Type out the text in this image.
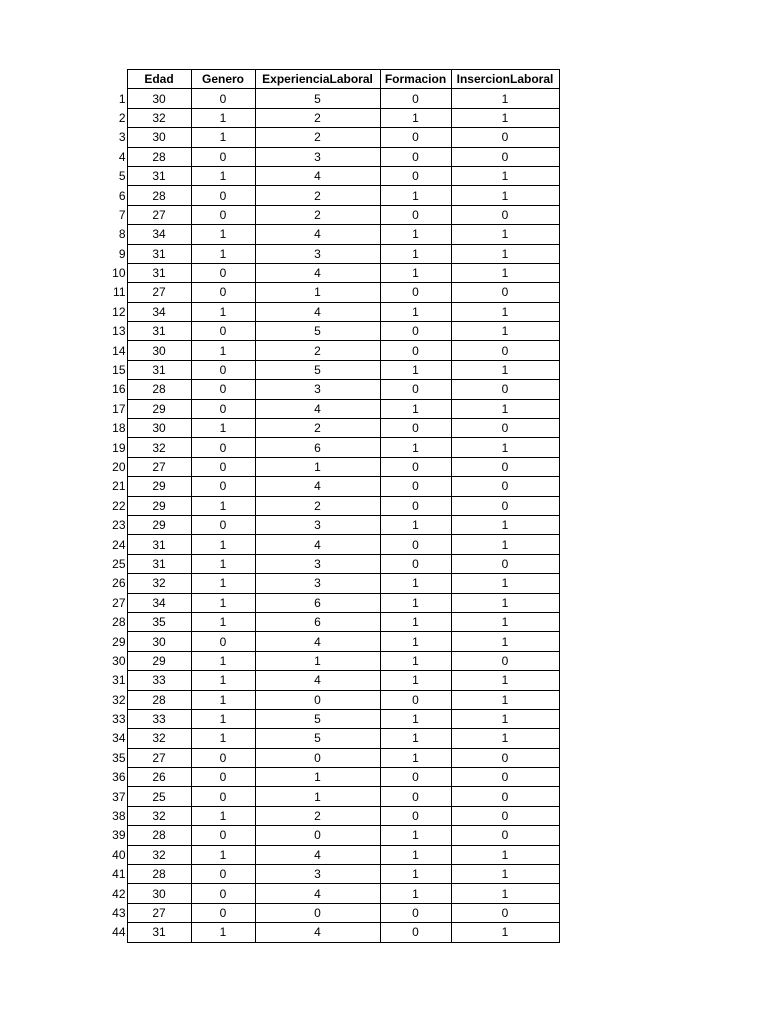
	Edad	Genero	ExperienciaLaboral	Formacion	InsercionLaboral
1	30	0	5	0	1
2	32	1	2	1	1
3	30	1	2	0	0
4	28	0	3	0	0
5	31	1	4	0	1
6	28	0	2	1	1
7	27	0	2	0	0
8	34	1	4	1	1
9	31	1	3	1	1
10	31	0	4	1	1
11	27	0	1	0	0
12	34	1	4	1	1
13	31	0	5	0	1
14	30	1	2	0	0
15	31	0	5	1	1
16	28	0	3	0	0
17	29	0	4	1	1
18	30	1	2	0	0
19	32	0	6	1	1
20	27	0	1	0	0
21	29	0	4	0	0
22	29	1	2	0	0
23	29	0	3	1	1
24	31	1	4	0	1
25	31	1	3	0	0
26	32	1	3	1	1
27	34	1	6	1	1
28	35	1	6	1	1
29	30	0	4	1	1
30	29	1	1	1	0
31	33	1	4	1	1
32	28	1	0	0	1
33	33	1	5	1	1
34	32	1	5	1	1
35	27	0	0	1	0
36	26	0	1	0	0
37	25	0	1	0	0
38	32	1	2	0	0
39	28	0	0	1	0
40	32	1	4	1	1
41	28	0	3	1	1
42	30	0	4	1	1
43	27	0	0	0	0
44	31	1	4	0	1
